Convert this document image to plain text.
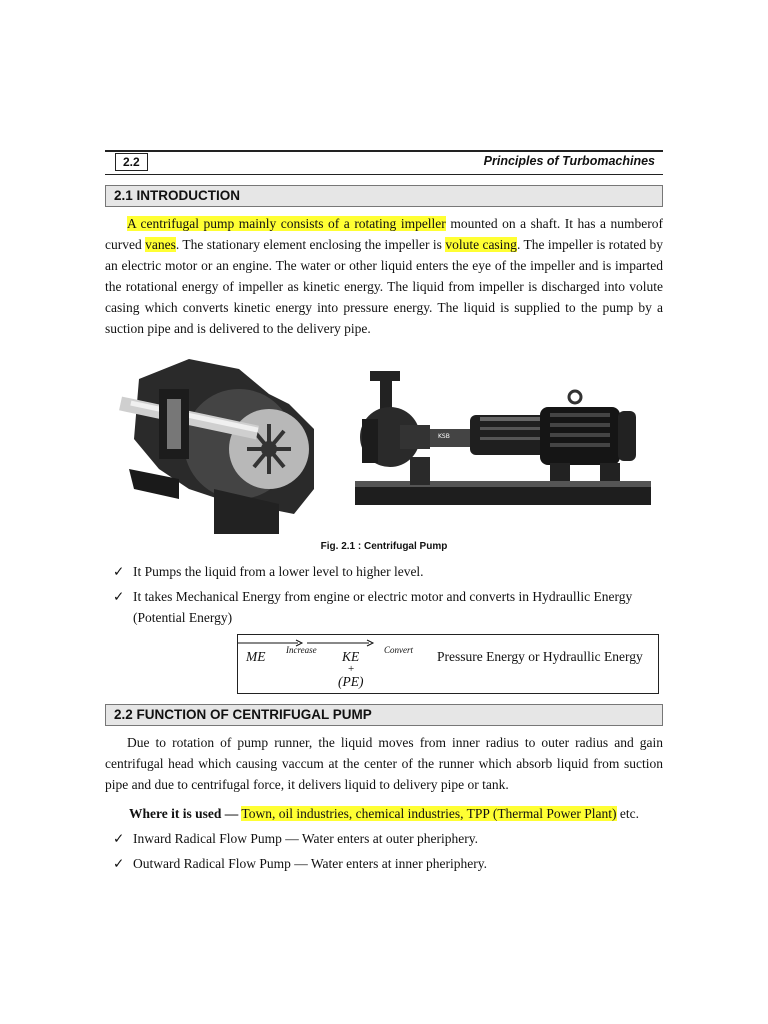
2.2	Principles of Turbomachines
2.1 INTRODUCTION

A centrifugal pump mainly consists of a rotating impeller mounted on a shaft. It has a numberof curved vanes. The stationary element enclosing the impeller is volute casing. The impeller is rotated by an electric motor or an engine. The water or other liquid enters the eye of the impeller and is imparted the rotational energy of impeller as kinetic energy. The liquid from impeller is discharged into volute casing which converts kinetic energy into pressure energy. The liquid is supplied to the pump by a suction pipe and is delivered to the delivery pipe.

KSB
Fig. 2.1 : Centrifugal Pump
✓ It Pumps the liquid from a lower level to higher level.
✓ It takes Mechanical Energy from engine or electric motor and converts in Hydraullic Energy (Potential Energy)
ME Increase
KE
+
(PE)
Convert Pressure Energy or Hydraullic Energy
2.2 FUNCTION OF CENTRIFUGAL PUMP

Due to rotation of pump runner, the liquid moves from inner radius to outer radius and gain centrifugal head which causing vaccum at the center of the runner which absorb liquid from suction pipe and due to centrifugal force, it delivers liquid to delivery pipe or tank.

Where it is used — Town, oil industries, chemical industries, TPP (Thermal Power Plant) etc.
✓ Inward Radical Flow Pump — Water enters at outer pheriphery.
✓ Outward Radical Flow Pump — Water enters at inner pheriphery.
